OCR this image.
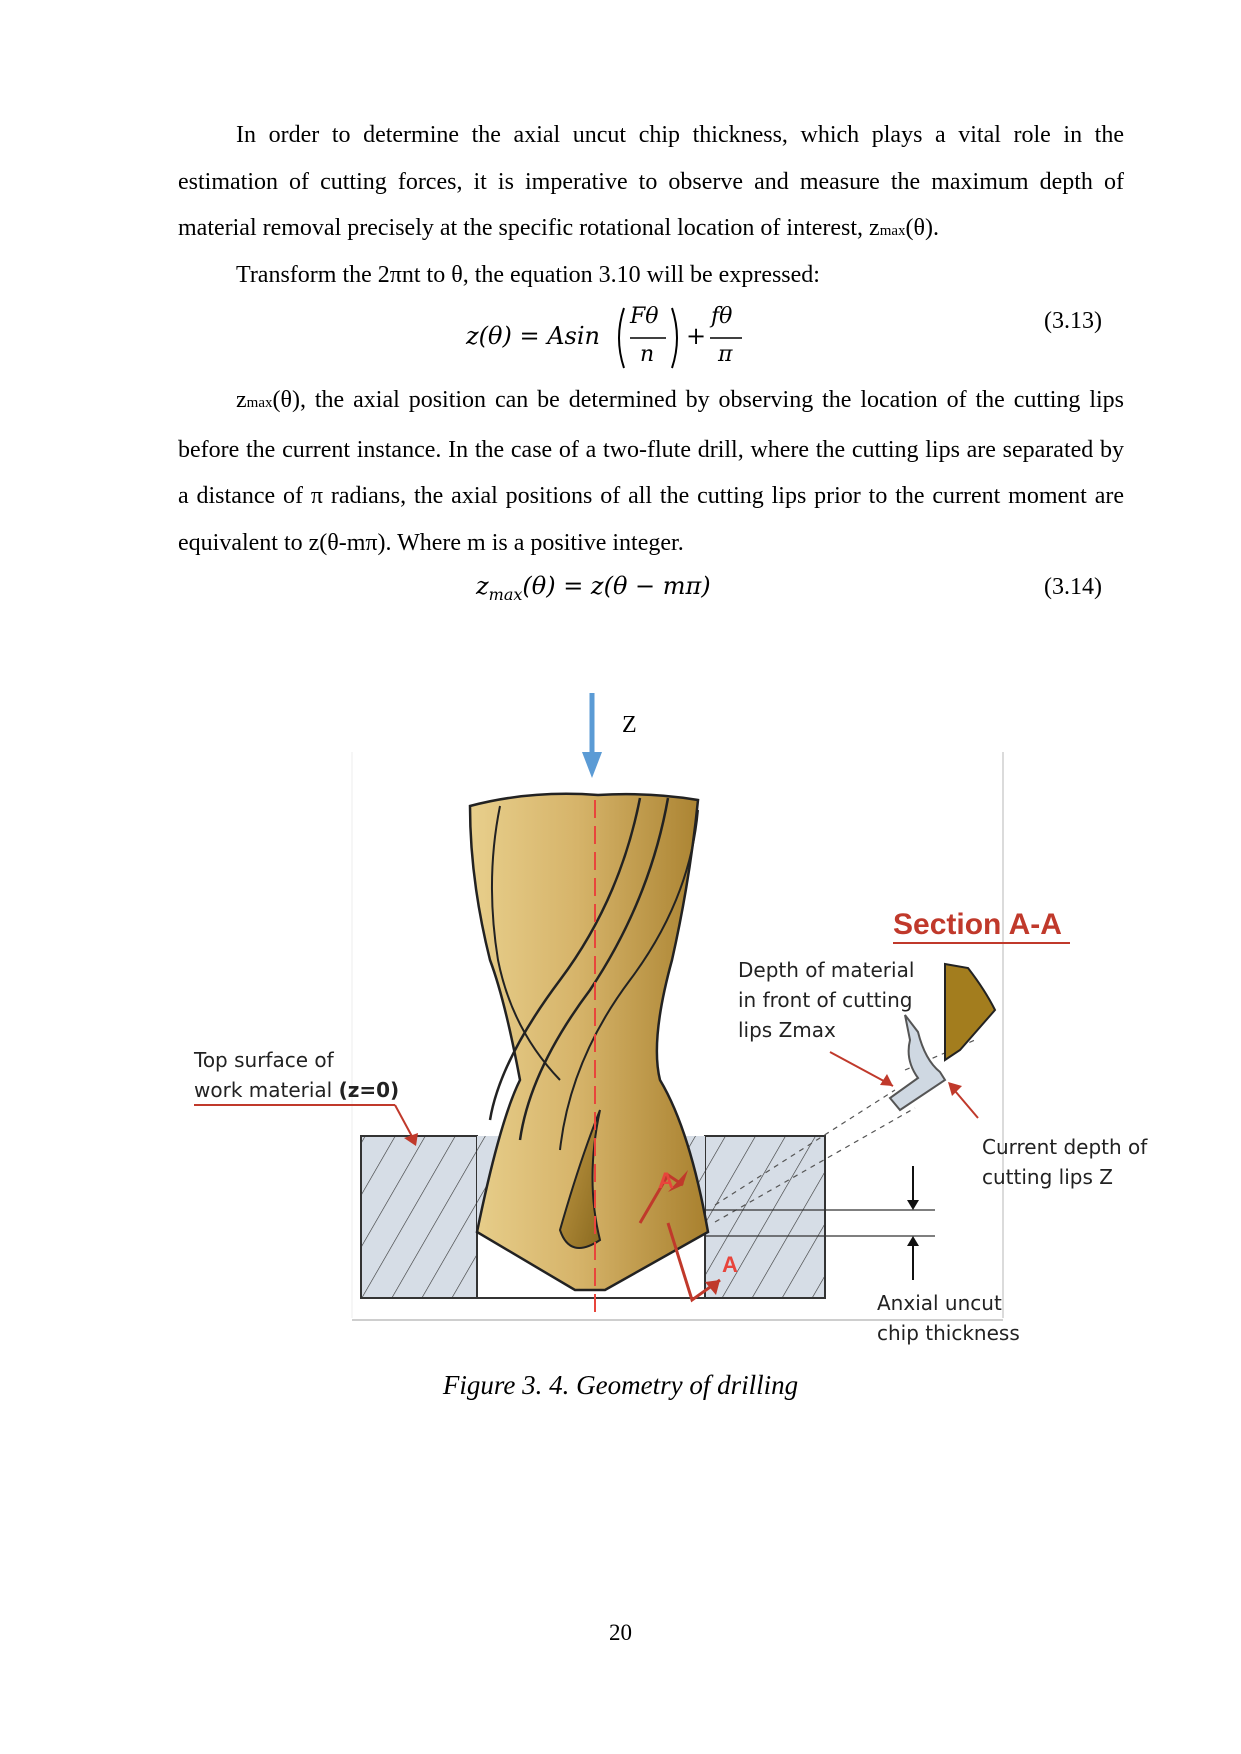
In order to determine the axial uncut chip thickness, which plays a vital role in the estimation of cutting forces, it is imperative to observe and measure the maximum depth of material removal precisely at the specific rotational location of interest, zmax(θ).
Transform the 2πnt to θ, the equation 3.10 will be expressed:
z(θ) = Asin
Fθ
n
+
fθ
π
(3.13)
zmax(θ), the axial position can be determined by observing the location of the cutting lips before the current instance. In the case of a two-flute drill, where the cutting lips are separated by a distance of π radians, the axial positions of all the cutting lips prior to the current moment are equivalent to z(θ-mπ). Where m is a positive integer.
$z_{max}(\theta) = z(\theta - m\pi)$	(3.14)
Z
Section A-A
Depth of material
in front of cutting
lips Zmax
Top surface of
work material (z=0)
Current depth of
cutting lips Z
Anxial uncut
chip thickness
A
A
Figure 3. 4. Geometry of drilling
20
